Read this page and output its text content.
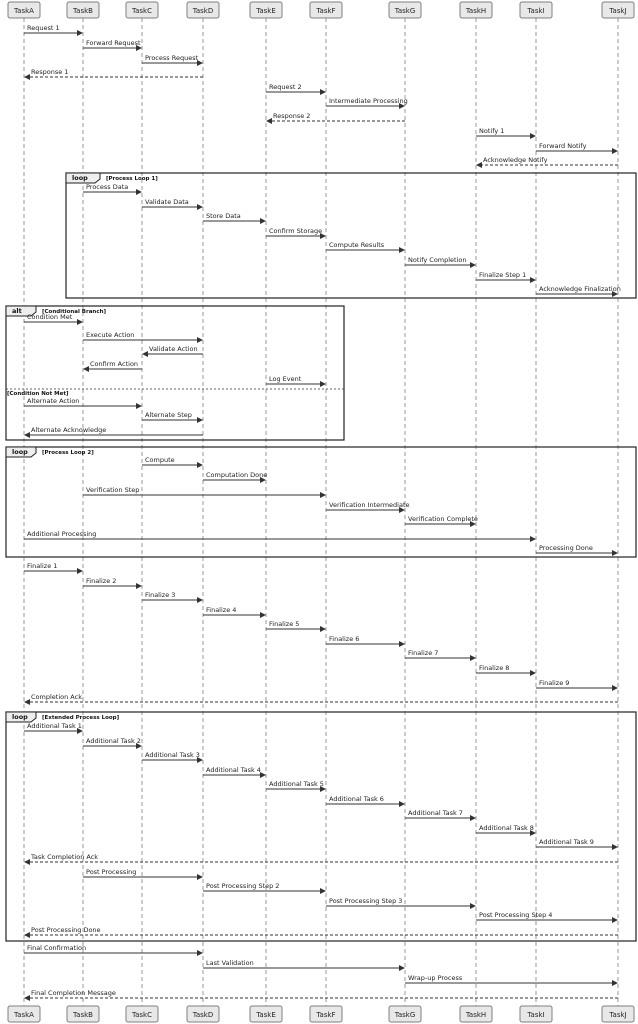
loop	[Process Loop 1]
alt	[Conditional Branch]
[Condition Not Met]
loop	[Process Loop 2]
loop	[Extended Process Loop]
Request 1
Forward Request
Process Request
Response 1
Request 2
Intermediate Processing
Response 2
Notify 1
Forward Notify
Acknowledge Notify
Process Data
Validate Data
Store Data
Confirm Storage
Compute Results
Notify Completion
Finalize Step 1
Acknowledge Finalization
Condition Met
Execute Action
Validate Action
Confirm Action
Log Event
Alternate Action
Alternate Step
Alternate Acknowledge
Compute
Computation Done
Verification Step
Verification Intermediate
Verification Complete
Additional Processing
Processing Done
Finalize 1
Finalize 2
Finalize 3
Finalize 4
Finalize 5
Finalize 6
Finalize 7
Finalize 8
Finalize 9
Completion Ack
Additional Task 1
Additional Task 2
Additional Task 3
Additional Task 4
Additional Task 5
Additional Task 6
Additional Task 7
Additional Task 8
Additional Task 9
Task Completion Ack
Post Processing
Post Processing Step 2
Post Processing Step 3
Post Processing Step 4
Post Processing Done
Final Confirmation
Last Validation
Wrap-up Process
Final Completion Message
TaskA	TaskB	TaskC	TaskD	TaskE	TaskF	TaskG	TaskH	TaskI	TaskJ
TaskA	TaskB	TaskC	TaskD	TaskE	TaskF	TaskG	TaskH	TaskI	TaskJ
